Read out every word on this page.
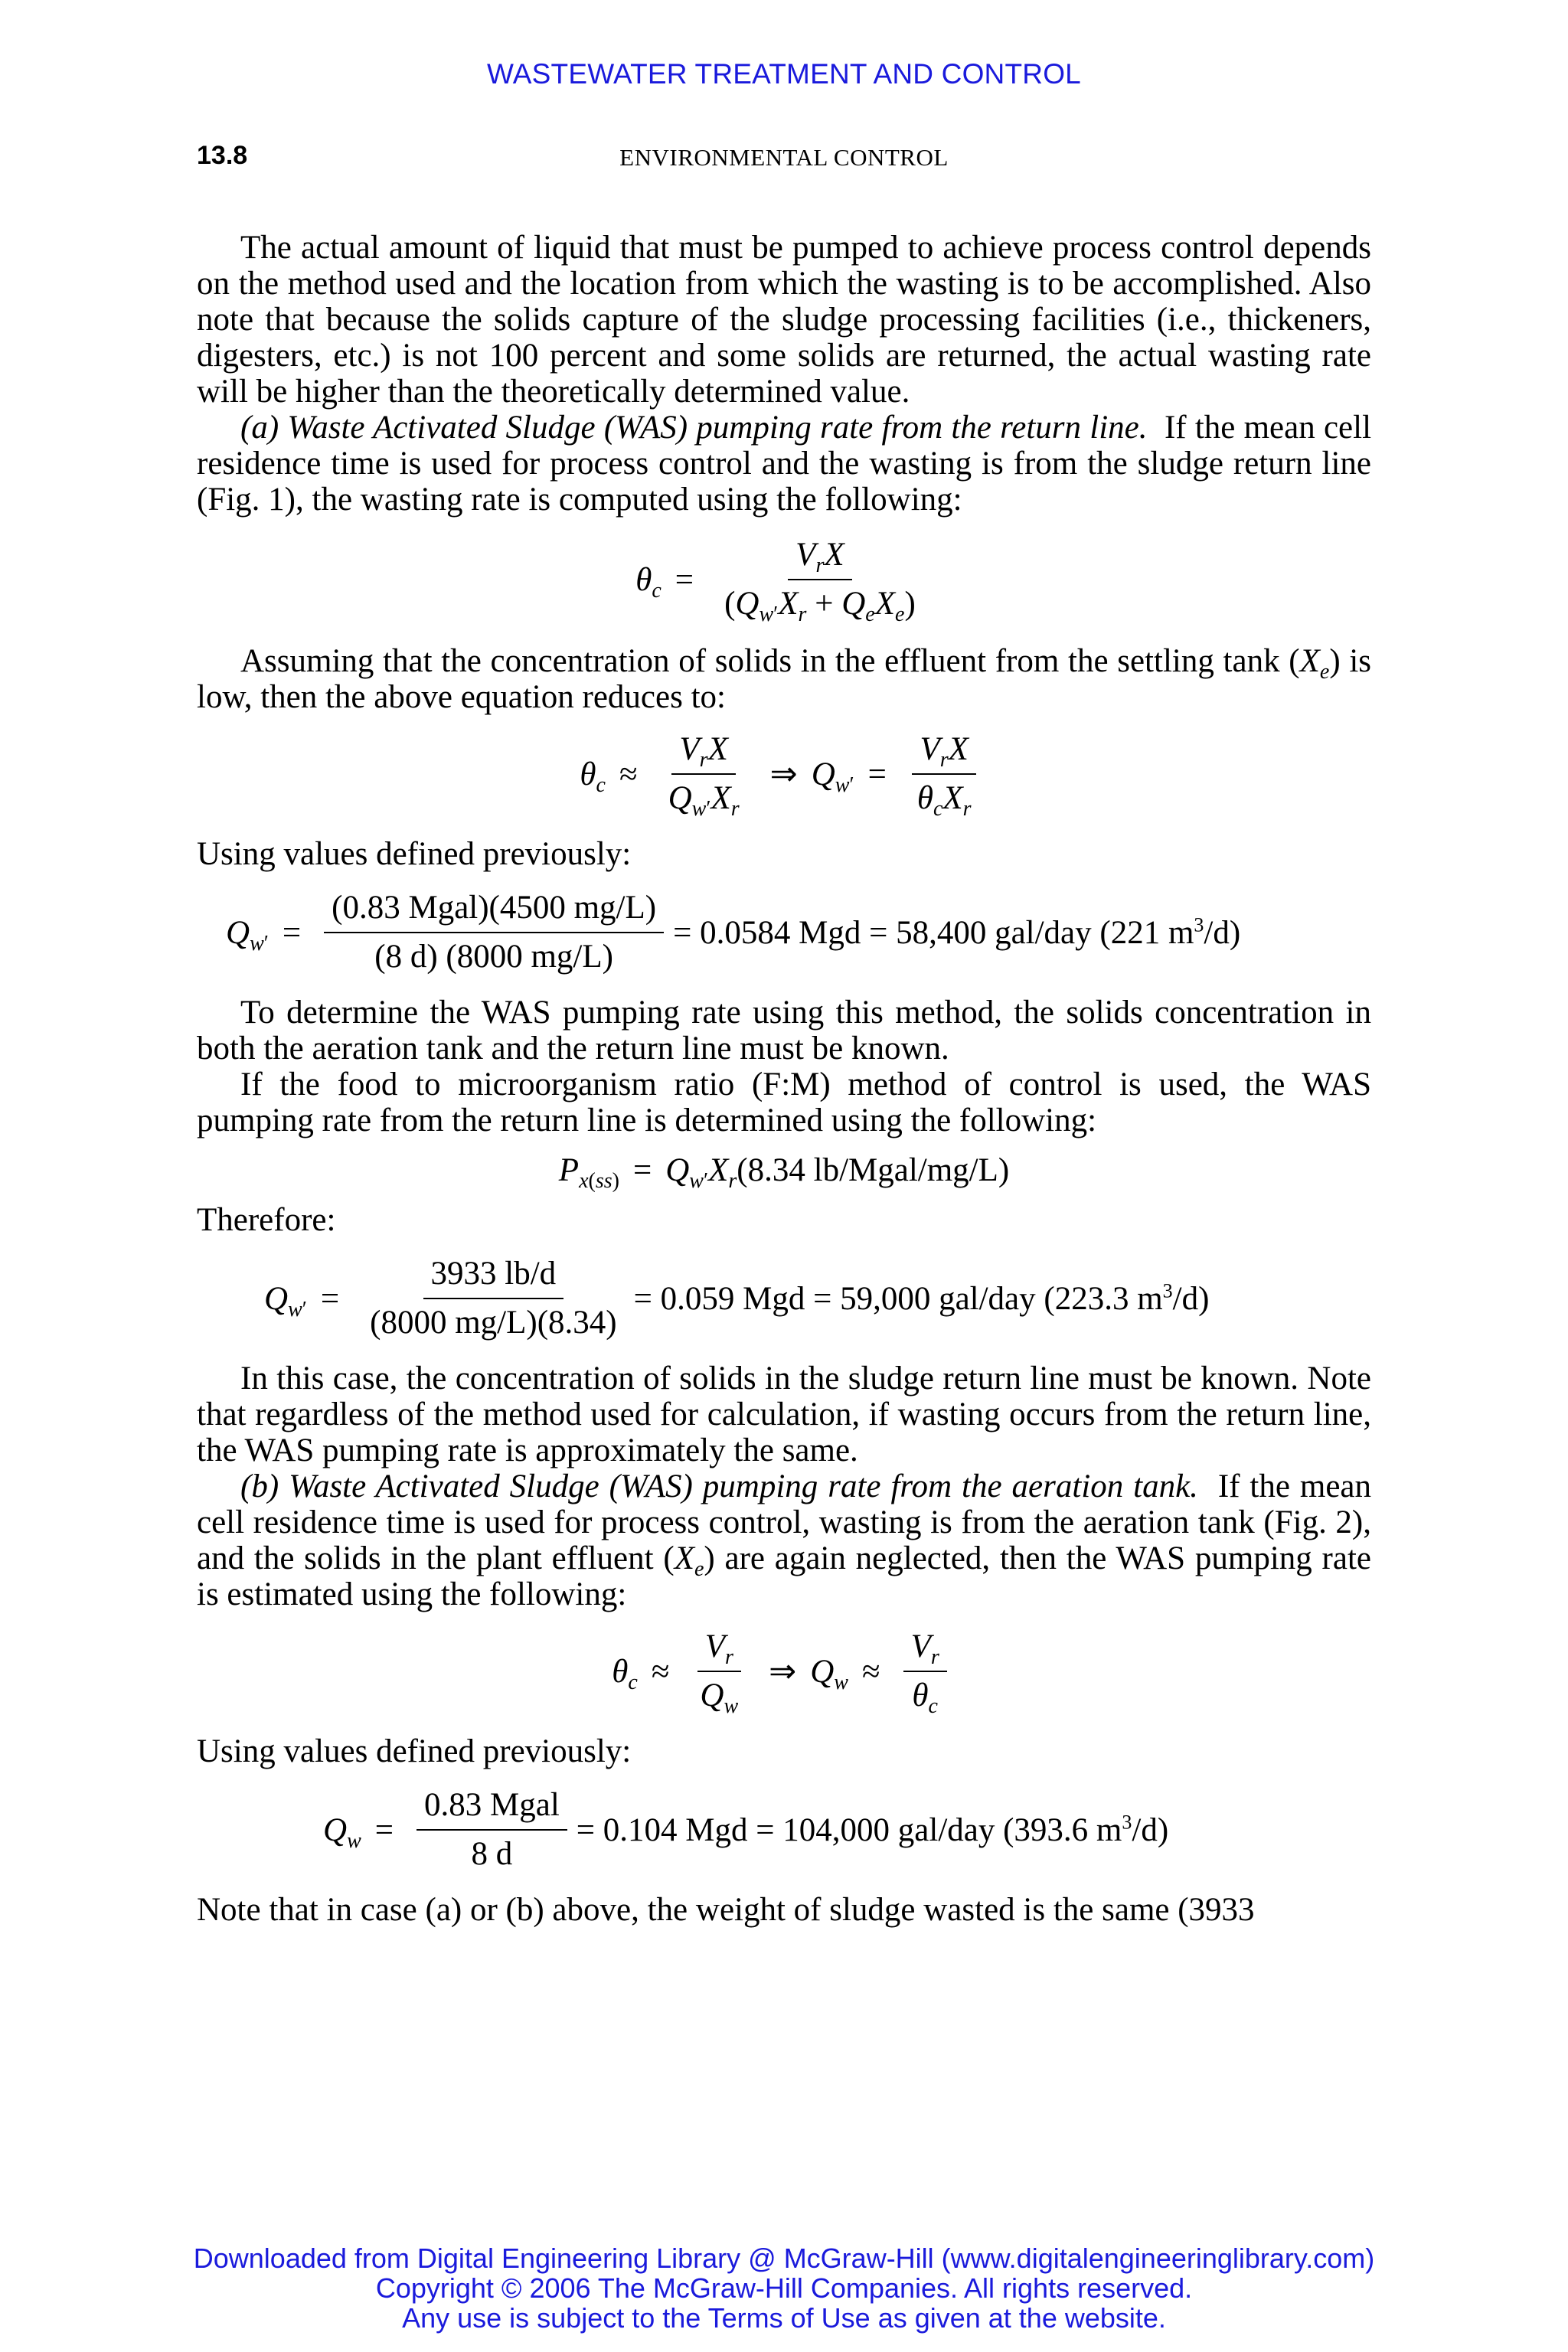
WASTEWATER TREATMENT AND CONTROL
13.8	ENVIRONMENTAL CONTROL

The actual amount of liquid that must be pumped to achieve process control depends on the method used and the location from which the wasting is to be accomplished. Also note that because the solids capture of the sludge processing facilities (i.e., thickeners, digesters, etc.) is not 100 percent and some solids are returned, the actual wasting rate will be higher than the theoretically determined value.

(a) Waste Activated Sludge (WAS) pumping rate from the return line. If the mean cell residence time is used for process control and the wasting is from the sludge return line (Fig. 1), the wasting rate is computed using the following:

$\theta_c = \frac{V_rX}{(Q_{w'}X_r + Q_eX_e)}$

Assuming that the concentration of solids in the effluent from the settling tank $(X_e)$ is low, then the above equation reduces to:

$\theta_c \approx \frac{V_rX}{Q_{w'}X_r}$ ⇒ $Q_{w'} = \frac{V_rX}{\theta_cX_r}$

Using values defined previously:

$Q_{w'} = \frac{\text{(0.83 Mgal)(4500 mg/L)}}{(8 d) (8000 mg/L)} = 0.0584$ Mgd = 58,400 gal/day (221 $m^3/d$)

To determine the WAS pumping rate using this method, the solids concentration in both the aeration tank and the return line must be known.

If the food to microorganism ratio (F:M) method of control is used, the WAS pumping rate from the return line is determined using the following:

$P_{x(ss)} = Q_{w'}X_r(8.34$ lb/Mgal/mg/L)

Therefore:

$Q_{w'} = \frac{3933 lb/d}{(8000 mg/L)(8.34)} = 0.059$ Mgd = 59,000 gal/day (223.3 $m^3/d$)

In this case, the concentration of solids in the sludge return line must be known. Note that regardless of the method used for calculation, if wasting occurs from the return line, the WAS pumping rate is approximately the same.

(b) Waste Activated Sludge (WAS) pumping rate from the aeration tank. If the mean cell residence time is used for process control, wasting is from the aeration tank (Fig. 2), and the solids in the plant effluent $(X_e)$ are again neglected, then the WAS pumping rate is estimated using the following:

$\theta_c \approx \frac{V_r}{Q_w}$ ⇒ $Q_w \approx \frac{V_r}{\theta_c}$

Using values defined previously:

$Q_w = \frac{\text{0.83 Mgal}}{8 d} = 0.104$ Mgd = 104,000 gal/day (393.6 $m^3/d$)

Note that in case (a) or (b) above, the weight of sludge wasted is the same (3933

Downloaded from Digital Engineering Library @ McGraw-Hill (www.digitalengineeringlibrary.com)
Copyright © 2006 The McGraw-Hill Companies. All rights reserved.
Any use is subject to the Terms of Use as given at the website.
